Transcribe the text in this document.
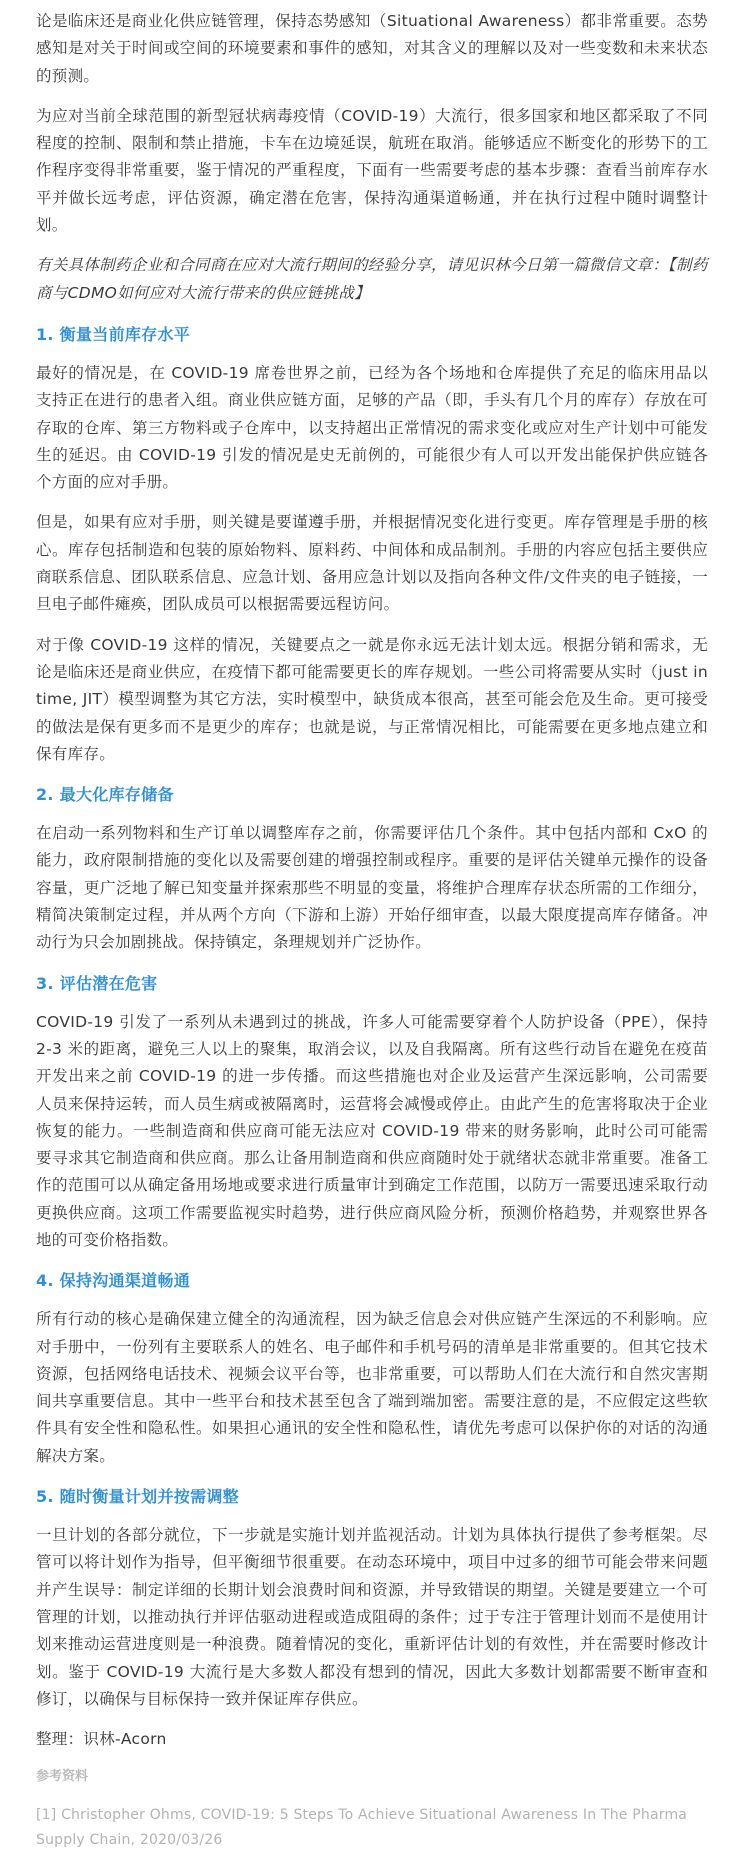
论是临床还是商业化供应链管理，保持态势感知（Situational Awareness）都非常重要。态势感知是对关于时间或空间的环境要素和事件的感知，对其含义的理解以及对一些变数和未来状态的预测。

为应对当前全球范围的新型冠状病毒疫情（COVID-19）大流行，很多国家和地区都采取了不同程度的控制、限制和禁止措施，卡车在边境延误，航班在取消。能够适应不断变化的形势下的工作程序变得非常重要，鉴于情况的严重程度，下面有一些需要考虑的基本步骤：查看当前库存水平并做长远考虑，评估资源，确定潜在危害，保持沟通渠道畅通，并在执行过程中随时调整计划。

有关具体制药企业和合同商在应对大流行期间的经验分享，请见识林今日第一篇微信文章：【制药商与CDMO如何应对大流行带来的供应链挑战】

1. 衡量当前库存水平

最好的情况是，在 COVID-19 席卷世界之前，已经为各个场地和仓库提供了充足的临床用品以支持正在进行的患者入组。商业供应链方面，足够的产品（即，手头有几个月的库存）存放在可存取的仓库、第三方物料或子仓库中，以支持超出正常情况的需求变化或应对生产计划中可能发生的延迟。由 COVID-19 引发的情况是史无前例的，可能很少有人可以开发出能保护供应链各个方面的应对手册。

但是，如果有应对手册，则关键是要谨遵手册，并根据情况变化进行变更。库存管理是手册的核心。库存包括制造和包装的原始物料、原料药、中间体和成品制剂。手册的内容应包括主要供应商联系信息、团队联系信息、应急计划、备用应急计划以及指向各种文件/文件夹的电子链接，一旦电子邮件瘫痪，团队成员可以根据需要远程访问。

对于像 COVID-19 这样的情况，关键要点之一就是你永远无法计划太远。根据分销和需求，无论是临床还是商业供应，在疫情下都可能需要更长的库存规划。一些公司将需要从实时（just in time, JIT）模型调整为其它方法，实时模型中，缺货成本很高，甚至可能会危及生命。更可接受的做法是保有更多而不是更少的库存；也就是说，与正常情况相比，可能需要在更多地点建立和保有库存。

2. 最大化库存储备

在启动一系列物料和生产订单以调整库存之前，你需要评估几个条件。其中包括内部和 CxO 的能力，政府限制措施的变化以及需要创建的增强控制或程序。重要的是评估关键单元操作的设备容量，更广泛地了解已知变量并探索那些不明显的变量，将维护合理库存状态所需的工作细分，精简决策制定过程，并从两个方向（下游和上游）开始仔细审查，以最大限度提高库存储备。冲动行为只会加剧挑战。保持镇定，条理规划并广泛协作。

3. 评估潜在危害

COVID-19 引发了一系列从未遇到过的挑战，许多人可能需要穿着个人防护设备（PPE），保持 2-3 米的距离，避免三人以上的聚集，取消会议，以及自我隔离。所有这些行动旨在避免在疫苗开发出来之前 COVID-19 的进一步传播。而这些措施也对企业及运营产生深远影响，公司需要人员来保持运转，而人员生病或被隔离时，运营将会减慢或停止。由此产生的危害将取决于企业恢复的能力。一些制造商和供应商可能无法应对 COVID-19 带来的财务影响，此时公司可能需要寻求其它制造商和供应商。那么让备用制造商和供应商随时处于就绪状态就非常重要。准备工作的范围可以从确定备用场地或要求进行质量审计到确定工作范围，以防万一需要迅速采取行动更换供应商。这项工作需要监视实时趋势，进行供应商风险分析，预测价格趋势，并观察世界各地的可变价格指数。

4. 保持沟通渠道畅通

所有行动的核心是确保建立健全的沟通流程，因为缺乏信息会对供应链产生深远的不利影响。应对手册中，一份列有主要联系人的姓名、电子邮件和手机号码的清单是非常重要的。但其它技术资源，包括网络电话技术、视频会议平台等，也非常重要，可以帮助人们在大流行和自然灾害期间共享重要信息。其中一些平台和技术甚至包含了端到端加密。需要注意的是，不应假定这些软件具有安全性和隐私性。如果担心通讯的安全性和隐私性，请优先考虑可以保护你的对话的沟通解决方案。

5. 随时衡量计划并按需调整

一旦计划的各部分就位，下一步就是实施计划并监视活动。计划为具体执行提供了参考框架。尽管可以将计划作为指导，但平衡细节很重要。在动态环境中，项目中过多的细节可能会带来问题并产生误导：制定详细的长期计划会浪费时间和资源，并导致错误的期望。关键是要建立一个可管理的计划，以推动执行并评估驱动进程或造成阻碍的条件；过于专注于管理计划而不是使用计划来推动运营进度则是一种浪费。随着情况的变化，重新评估计划的有效性，并在需要时修改计划。鉴于 COVID-19 大流行是大多数人都没有想到的情况，因此大多数计划都需要不断审查和修订，以确保与目标保持一致并保证库存供应。

整理：识林-Acorn

参考资料

[1] Christopher Ohms, COVID-19: 5 Steps To Achieve Situational Awareness In The Pharma Supply Chain, 2020/03/26
